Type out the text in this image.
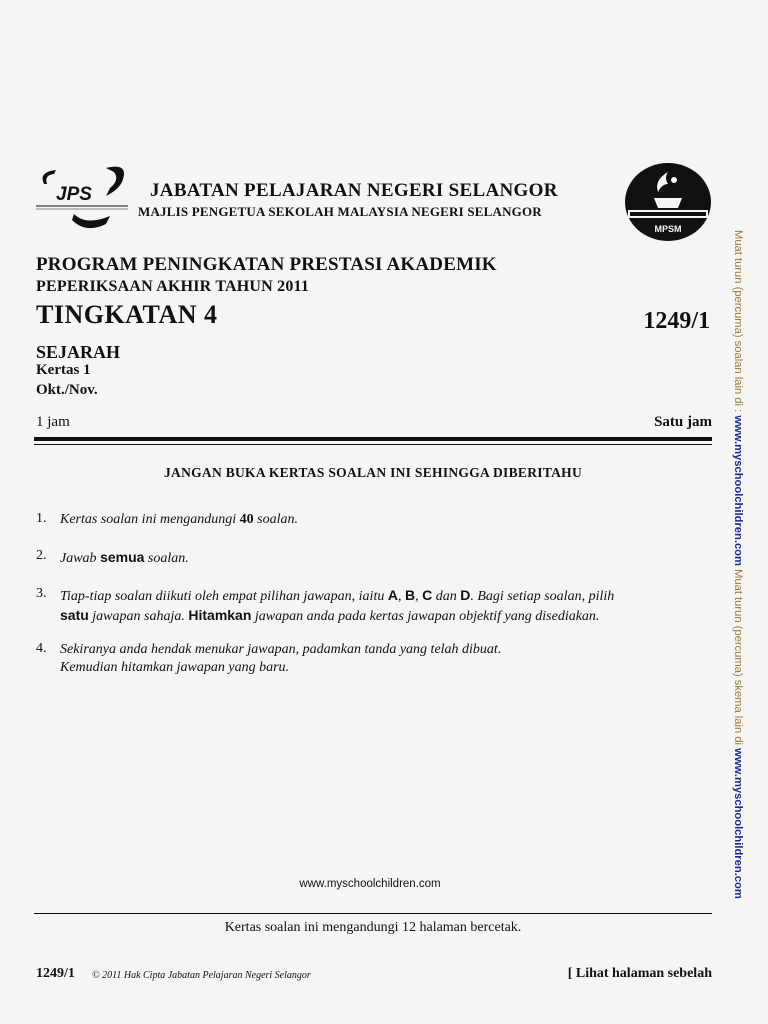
JPS	JABATAN PELAJARAN NEGERI SELANGOR
MAJLIS PENGETUA SEKOLAH MALAYSIA NEGERI SELANGOR
MPSM
PROGRAM PENINGKATAN PRESTASI AKADEMIK
PEPERIKSAAN AKHIR TAHUN 2011
TINGKATAN 4	1249/1
SEJARAH
Kertas 1
Okt./Nov.
1 jam	Satu jam
JANGAN BUKA KERTAS SOALAN INI SEHINGGA DIBERITAHU
1. Kertas soalan ini mengandungi 40 soalan.
2. Jawab semua soalan.
3. Tiap-tiap soalan diikuti oleh empat pilihan jawapan, iaitu A, B, C dan D. Bagi setiap soalan, pilih
satu jawapan sahaja. Hitamkan jawapan anda pada kertas jawapan objektif yang disediakan.
4. Sekiranya anda hendak menukar jawapan, padamkan tanda yang telah dibuat.
Kemudian hitamkan jawapan yang baru.
www.myschoolchildren.com
Kertas soalan ini mengandungi 12 halaman bercetak.
1249/1 © 2011 Hak Cipta Jabatan Pelajaran Negeri Selangor	[ Lihat halaman sebelah
Muat turun (percuma) soalan lain di : www.myschoolchildren.com Muat turun (percuma) skema lain di www.myschoolchildren.com
